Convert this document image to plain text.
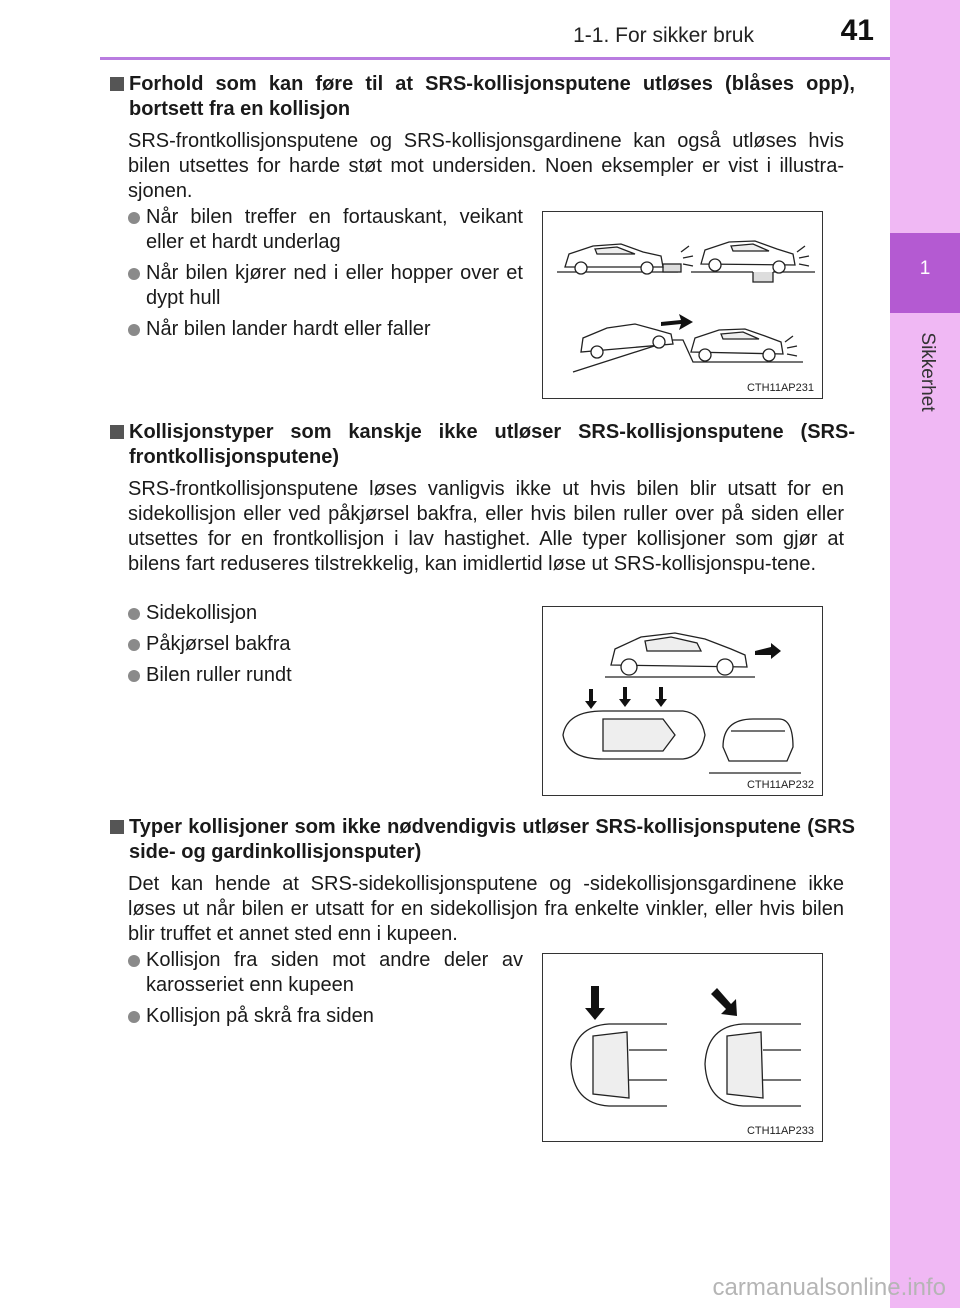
1
Sikkerhet
1-1. For sikker bruk	41
Forhold som kan føre til at SRS-kollisjonsputene utløses (blåses opp), bortsett fra en kollisjon
SRS-frontkollisjonsputene og SRS-kollisjonsgardinene kan også utløses hvis bilen utsettes for harde støt mot undersiden. Noen eksempler er vist i illustra-sjonen.
Når bilen treffer en fortauskant, veikant eller et hardt underlag
Når bilen kjører ned i eller hopper over et dypt hull
Når bilen lander hardt eller faller
CTH11AP231
Kollisjonstyper som kanskje ikke utløser SRS-kollisjonsputene (SRS-frontkollisjonsputene)
SRS-frontkollisjonsputene løses vanligvis ikke ut hvis bilen blir utsatt for en sidekollisjon eller ved påkjørsel bakfra, eller hvis bilen ruller over på siden eller utsettes for en frontkollisjon i lav hastighet. Alle typer kollisjoner som gjør at bilens fart reduseres tilstrekkelig, kan imidlertid løse ut SRS-kollisjonspu-tene.
Sidekollisjon
Påkjørsel bakfra
Bilen ruller rundt
CTH11AP232
Typer kollisjoner som ikke nødvendigvis utløser SRS-kollisjonsputene (SRS side- og gardinkollisjonsputer)
Det kan hende at SRS-sidekollisjonsputene og -sidekollisjonsgardinene ikke løses ut når bilen er utsatt for en sidekollisjon fra enkelte vinkler, eller hvis bilen blir truffet et annet sted enn i kupeen.
Kollisjon fra siden mot andre deler av karosseriet enn kupeen
Kollisjon på skrå fra siden
CTH11AP233
carmanualsonline.info
